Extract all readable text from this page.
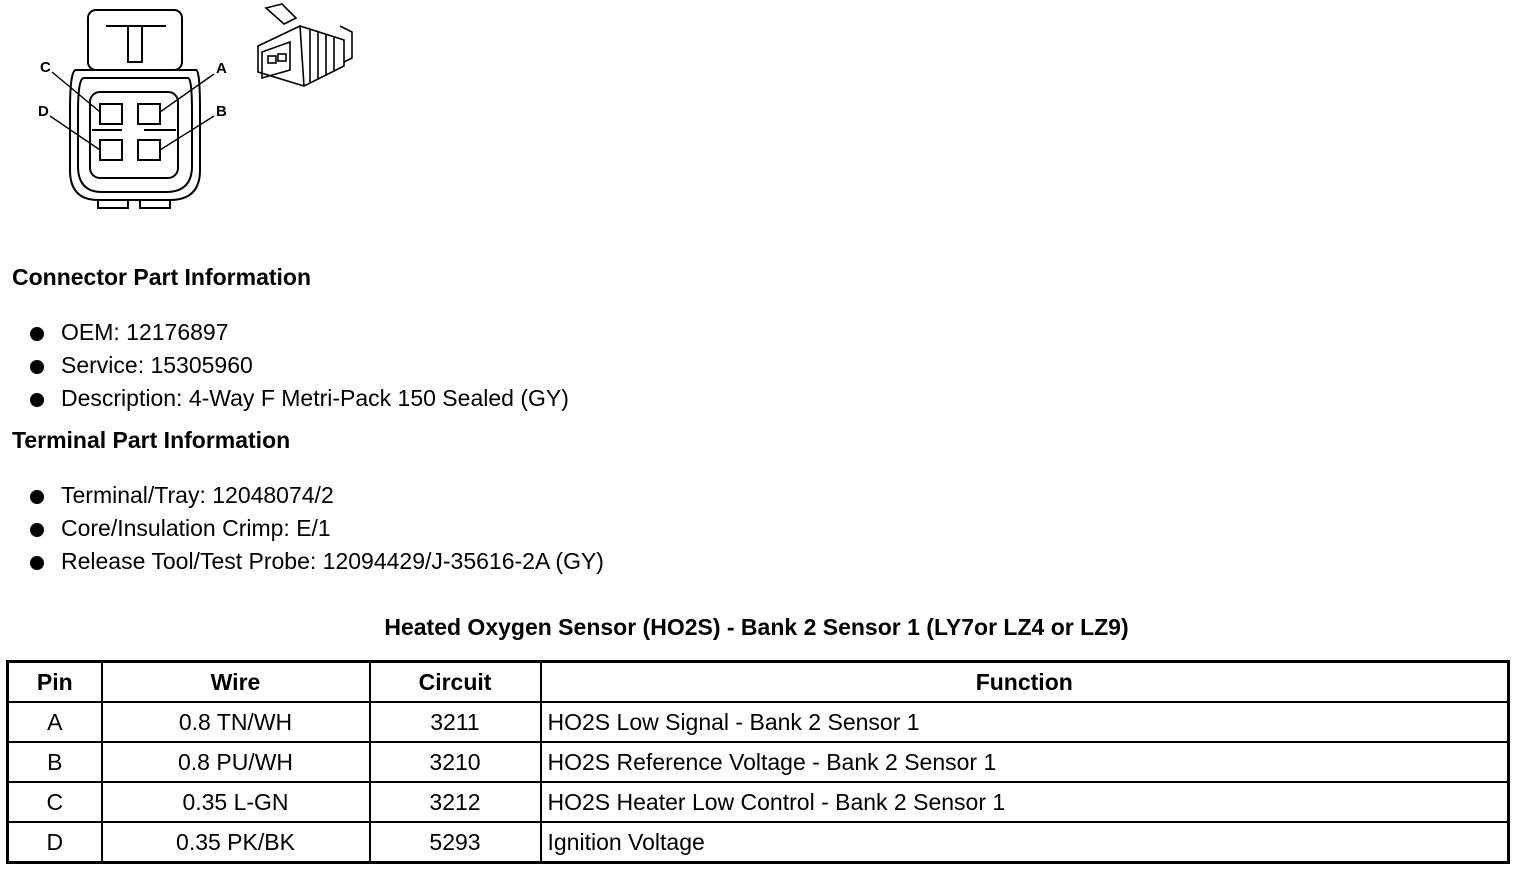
C	A
D	B
Connector Part Information
OEM: 12176897
Service: 15305960
Description: 4-Way F Metri-Pack 150 Sealed (GY)
Terminal Part Information
Terminal/Tray: 12048074/2
Core/Insulation Crimp: E/1
Release Tool/Test Probe: 12094429/J-35616-2A (GY)
Heated Oxygen Sensor (HO2S) - Bank 2 Sensor 1 (LY7or LZ4 or LZ9)
Pin	Wire	Circuit	Function
A	0.8 TN/WH	3211	HO2S Low Signal - Bank 2 Sensor 1
B	0.8 PU/WH	3210	HO2S Reference Voltage - Bank 2 Sensor 1
C	0.35 L-GN	3212	HO2S Heater Low Control - Bank 2 Sensor 1
D	0.35 PK/BK	5293	Ignition Voltage
